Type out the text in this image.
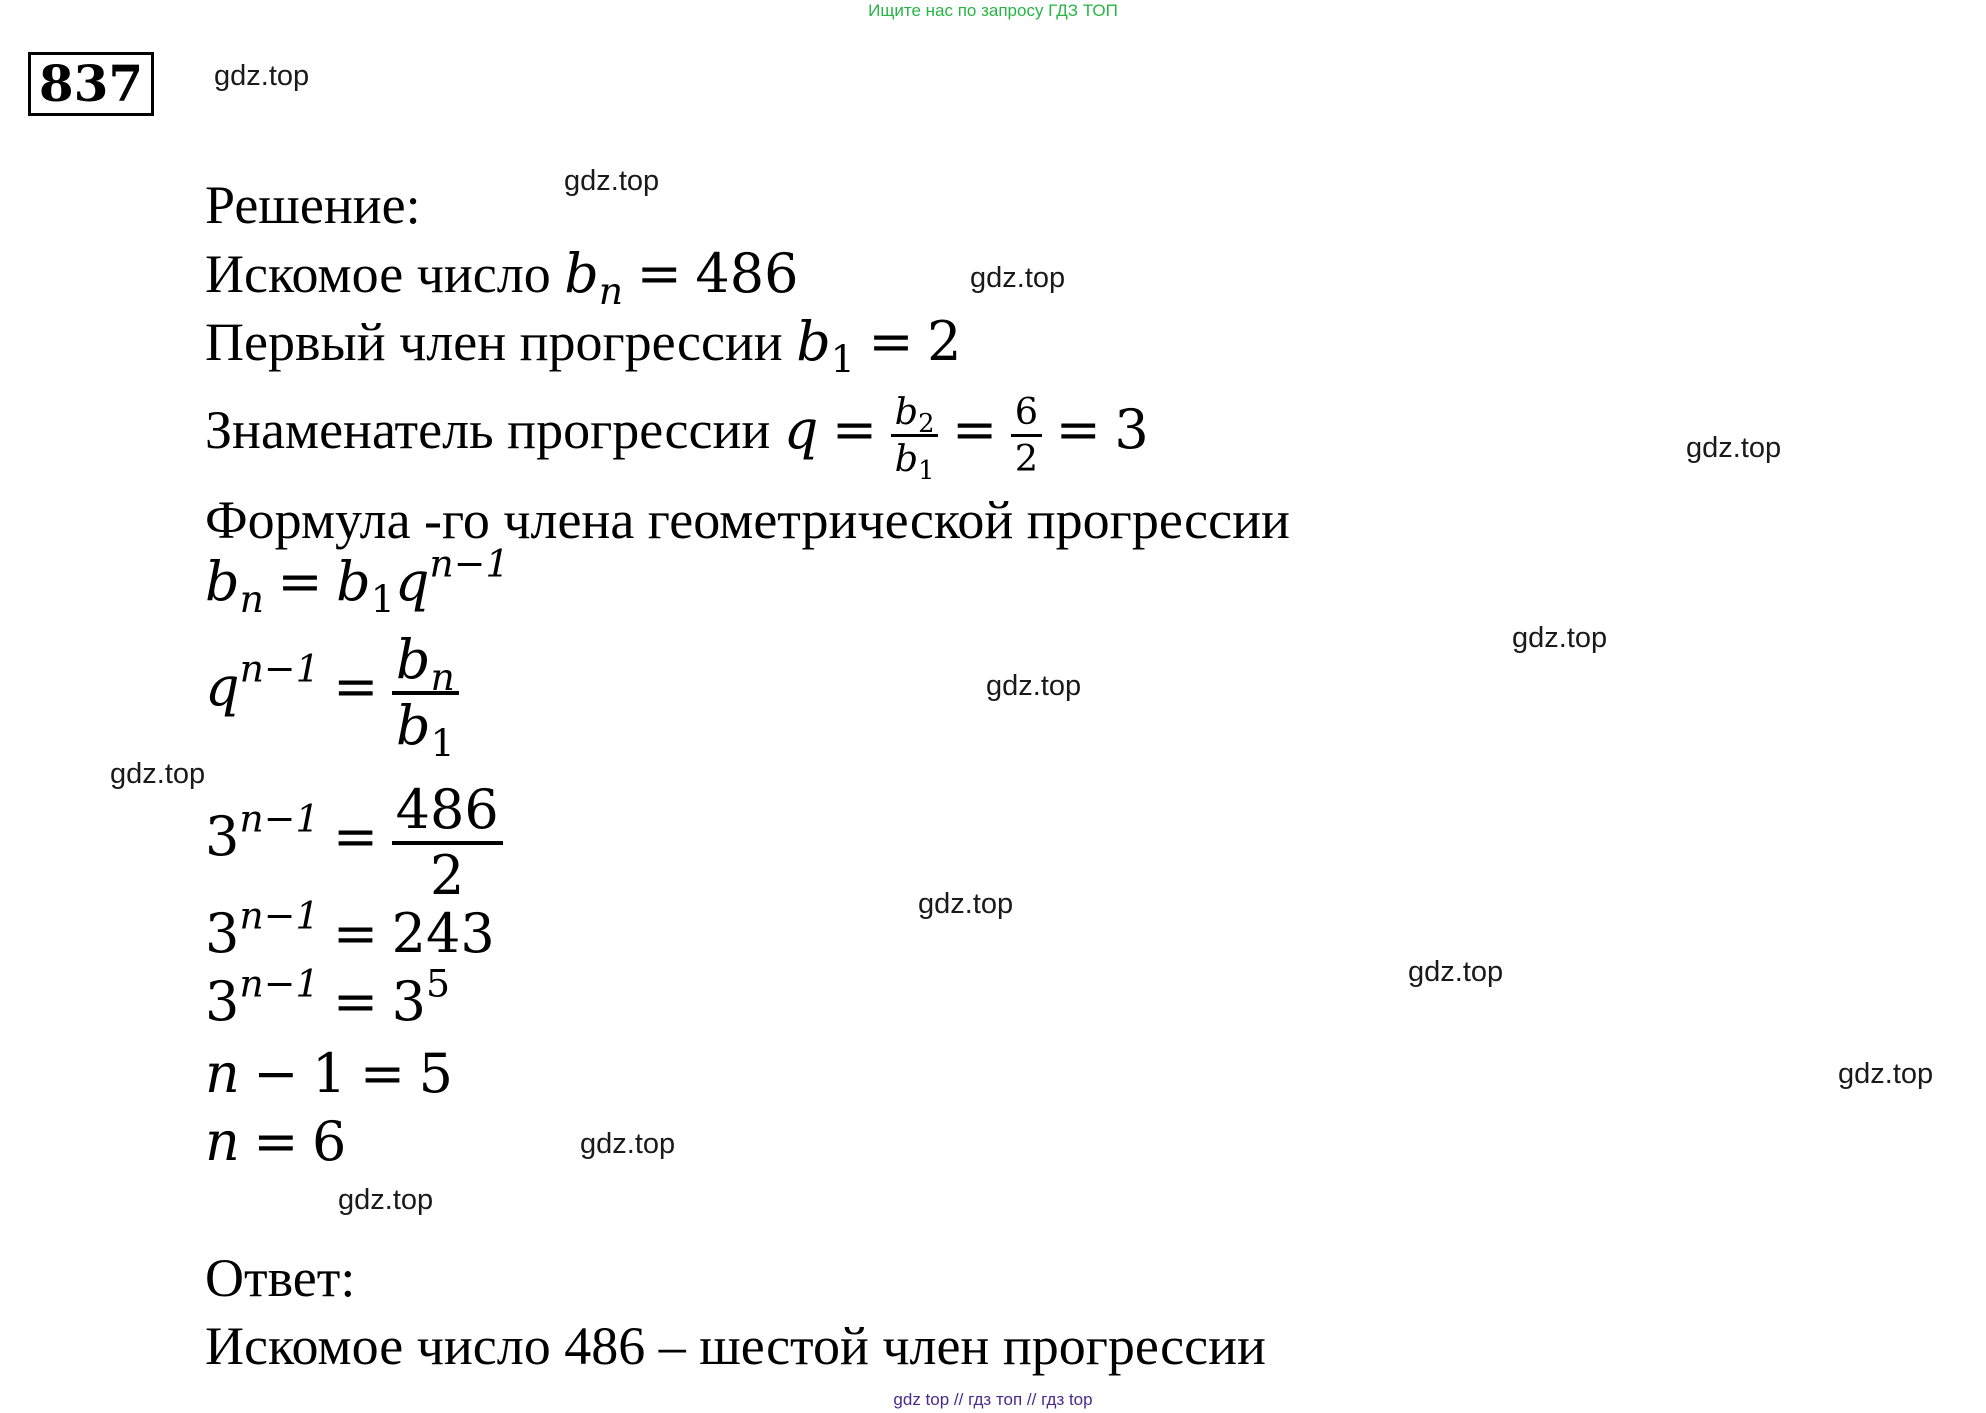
Ищите нас по запросу ГДЗ ТОП
837	gdz.top
gdz.top
gdz.top
gdz.top
gdz.top
gdz.top
gdz.top
gdz.top
gdz.top
gdz.top
gdz.top
gdz.top
Решение:
Искомое число $b_n = 486$
Первый член прогрессии $b_1 = 2$
Знаменатель прогрессии $q = \frac{b_2}{b_1} = \frac{6}{2} = 3$
Формула -го члена геометрической прогрессии
$b_n = b_1q^{n-1}$
$q^{n-1} = \frac{b_n}{b_1}$
$3^{n-1} = \frac{486}{2}$
$3^{n-1} = 243$
$3^{n-1} = 3^5$
n − 1 = 5
n = 6
Ответ:
Искомое число 486 – шестой член прогрессии
gdz top // гдз топ // гдз top
